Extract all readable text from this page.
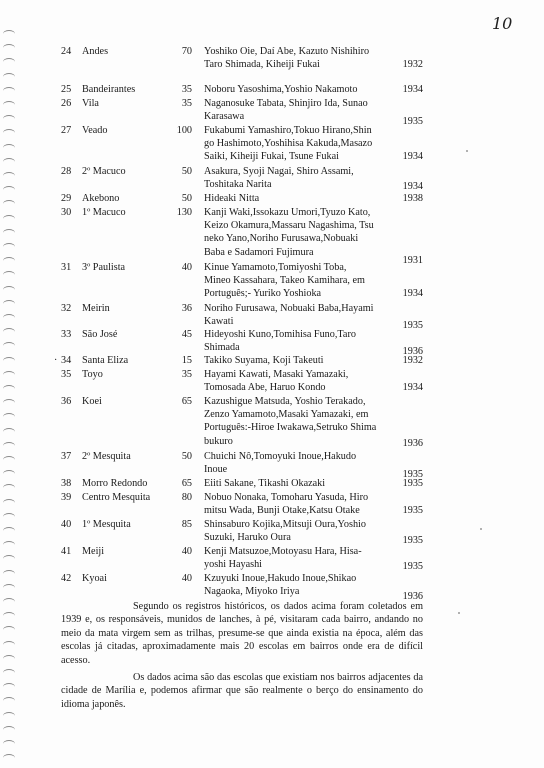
10
24	Andes	70 Yoshiko Oie, Daí Abe, Kazuto Nishihiro
Taro Shimada, Kiheiji Fukai	1932
25	Bandeirantes	35 Noboru Yasoshima,Yoshio Nakamoto	1934
26	Vila	35 Naganosuke Tabata, Shinjiro Ida, Sunao
Karasawa	1935
27	Veado	100 Fukabumi Yamashiro,Tokuo Hirano,Shin
go Hashimoto,Yoshihisa Kakuda,Masazo
Saiki, Kiheiji Fukai, Tsune Fukai	1934
28	2º Macuco	50 Asakura, Syoji Nagai, Shiro Assami,
Toshitaka Narita	1934
29	Akebono	50 Hideaki Nitta	1938
30	1º Macuco	130 Kanji Waki,Issokazu Umori,Tyuzo Kato,
Keizo Okamura,Massaru Nagashima, Tsu
neko Yano,Noriho Furusawa,Nobuaki
Baba e Sadamori Fujimura
1931
31	3º Paulista	40 Kinue Yamamoto,Tomiyoshi Toba,
Mineo Kassahara, Takeo Kamihara, em
Português;- Yuriko Yoshioka	1934
32	Meirin	36 Noriho Furusawa, Nobuaki Baba,Hayami
Kawati	1935
33	São José	45 Hideyoshi Kuno,Tomihisa Funo,Taro
Shimada	1936
34	Santa Eliza	15 Takiko Suyama, Koji Takeuti	1932
·
35	Toyo	35 Hayami Kawati, Masaki Yamazaki,
Tomosada Abe, Haruo Kondo	1934
36	Koei	65 Kazushigue Matsuda, Yoshio Terakado,
Zenzo Yamamoto,Masaki Yamazaki, em
Português:-Hiroe Iwakawa,Setruko Shima
bukuro	1936
37	2º Mesquita	50 Chuichi Nô,Tomoyuki Inoue,Hakudo
Inoue	1935
38	Morro Redondo	65 Eiiti Sakane, Tikashi Okazaki	1935
39	Centro Mesquita	80 Nobuo Nonaka, Tomoharu Yasuda, Hiro
mitsu Wada, Bunji Otake,Katsu Otake	1935
40	1º Mesquita	85 Shinsaburo Kojika,Mitsuji Oura,Yoshio
Suzuki, Haruko Oura	1935
41	Meiji	40 Kenji Matsuzoe,Motoyasu Hara, Hisa-
yoshi Hayashi	1935
42	Kyoai	40 Kzuyuki Inoue,Hakudo Inoue,Shikao
Nagaoka, Miyoko Iriya	1936

Segundo os registros históricos, os dados acima foram coletados em 1939 e, os responsáveis, munidos de lanches, à pé, visitaram cada bairro, andando no meio da mata virgem sem as trilhas, presume-se que ainda existia na época, além das escolas já citadas, aproximadamente mais 20 escolas em bairros onde era de difícil acesso.

Os dados acima são das escolas que existiam nos bairros adjacentes da cidade de Marília e, podemos afirmar que são realmente o berço do ensinamento do idioma japonês.
